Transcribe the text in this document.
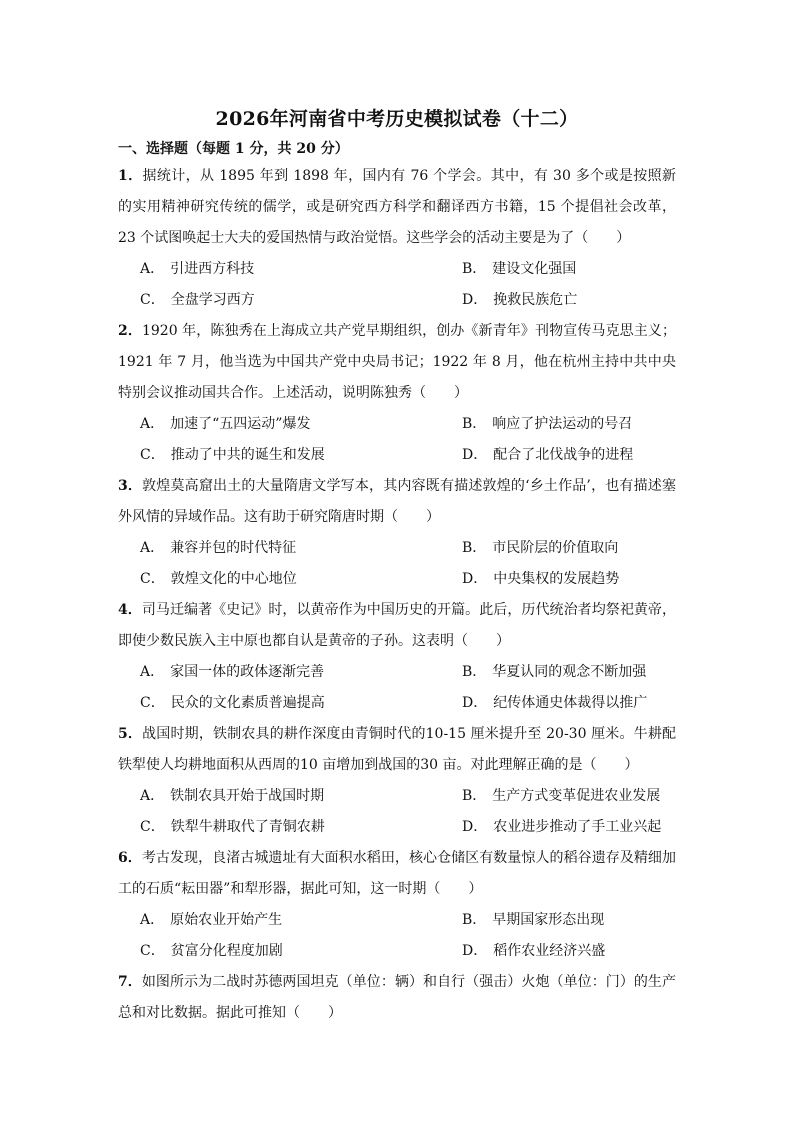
2026年河南省中考历史模拟试卷（十二）
一、选择题（每题 1 分，共 20 分）

1．据统计，从 1895 年到 1898 年，国内有 76 个学会。其中，有 30 多个或是按照新的实用精神研究传统的儒学，或是研究西方科学和翻译西方书籍，15 个提倡社会改革，23 个试图唤起士大夫的爱国热情与政治觉悟。这些学会的活动主要是为了（　　）

A． 引进西方科技	B． 建设文化强国
C． 全盘学习西方	D． 挽救民族危亡

2．1920 年，陈独秀在上海成立共产党早期组织，创办《新青年》刊物宣传马克思主义；1921 年 7 月，他当选为中国共产党中央局书记；1922 年 8 月，他在杭州主持中共中央特别会议推动国共合作。上述活动，说明陈独秀（　　）

A． 加速了“五四运动”爆发	B． 响应了护法运动的号召
C． 推动了中共的诞生和发展	D． 配合了北伐战争的进程

3．敦煌莫高窟出土的大量隋唐文学写本，其内容既有描述敦煌的‘乡土作品’，也有描述塞外风情的异域作品。这有助于研究隋唐时期（　　）

A． 兼容并包的时代特征	B． 市民阶层的价值取向
C． 敦煌文化的中心地位	D． 中央集权的发展趋势

4．司马迁编著《史记》时，以黄帝作为中国历史的开篇。此后，历代统治者均祭祀黄帝，即使少数民族入主中原也都自认是黄帝的子孙。这表明（　　）

A． 家国一体的政体逐渐完善	B． 华夏认同的观念不断加强
C． 民众的文化素质普遍提高	D． 纪传体通史体裁得以推广

5．战国时期，铁制农具的耕作深度由青铜时代的10-15 厘米提升至 20-30 厘米。牛耕配铁犁使人均耕地面积从西周的10 亩增加到战国的30 亩。对此理解正确的是（　　）

A． 铁制农具开始于战国时期	B． 生产方式变革促进农业发展
C． 铁犁牛耕取代了青铜农耕	D． 农业进步推动了手工业兴起

6．考古发现，良渚古城遗址有大面积水稻田，核心仓储区有数量惊人的稻谷遗存及精细加工的石质“耘田器”和犁形器，据此可知，这一时期（　　）

A． 原始农业开始产生	B． 早期国家形态出现
C． 贫富分化程度加剧	D． 稻作农业经济兴盛

7．如图所示为二战时苏德两国坦克（单位：辆）和自行（强击）火炮（单位：门）的生产总和对比数据。据此可推知（　　）
